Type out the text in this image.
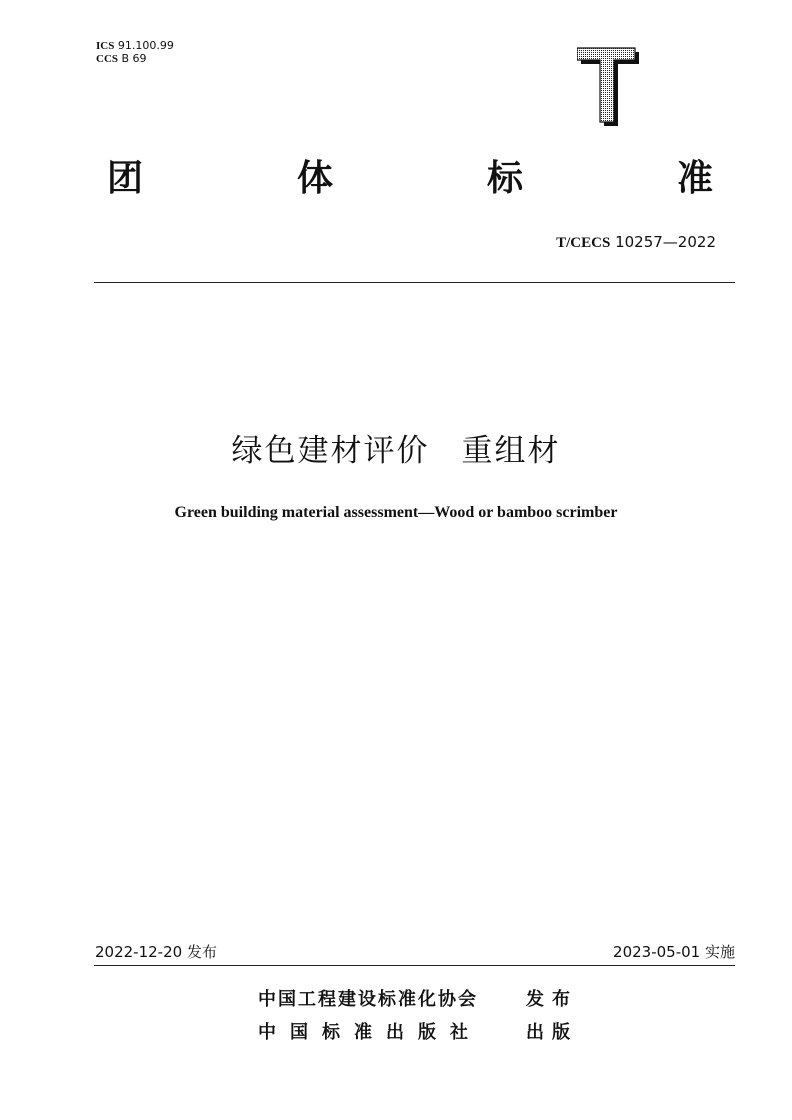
ICS 91.100.99
CCS B 69
团	体	标	准
T/CECS 10257—2022
绿色建材评价 重组材
Green building material assessment—Wood or bamboo scrimber
2022-12-20 发布	2023-05-01 实施
中国工程建设标准化协会	发布
中国标准出版社 出版
